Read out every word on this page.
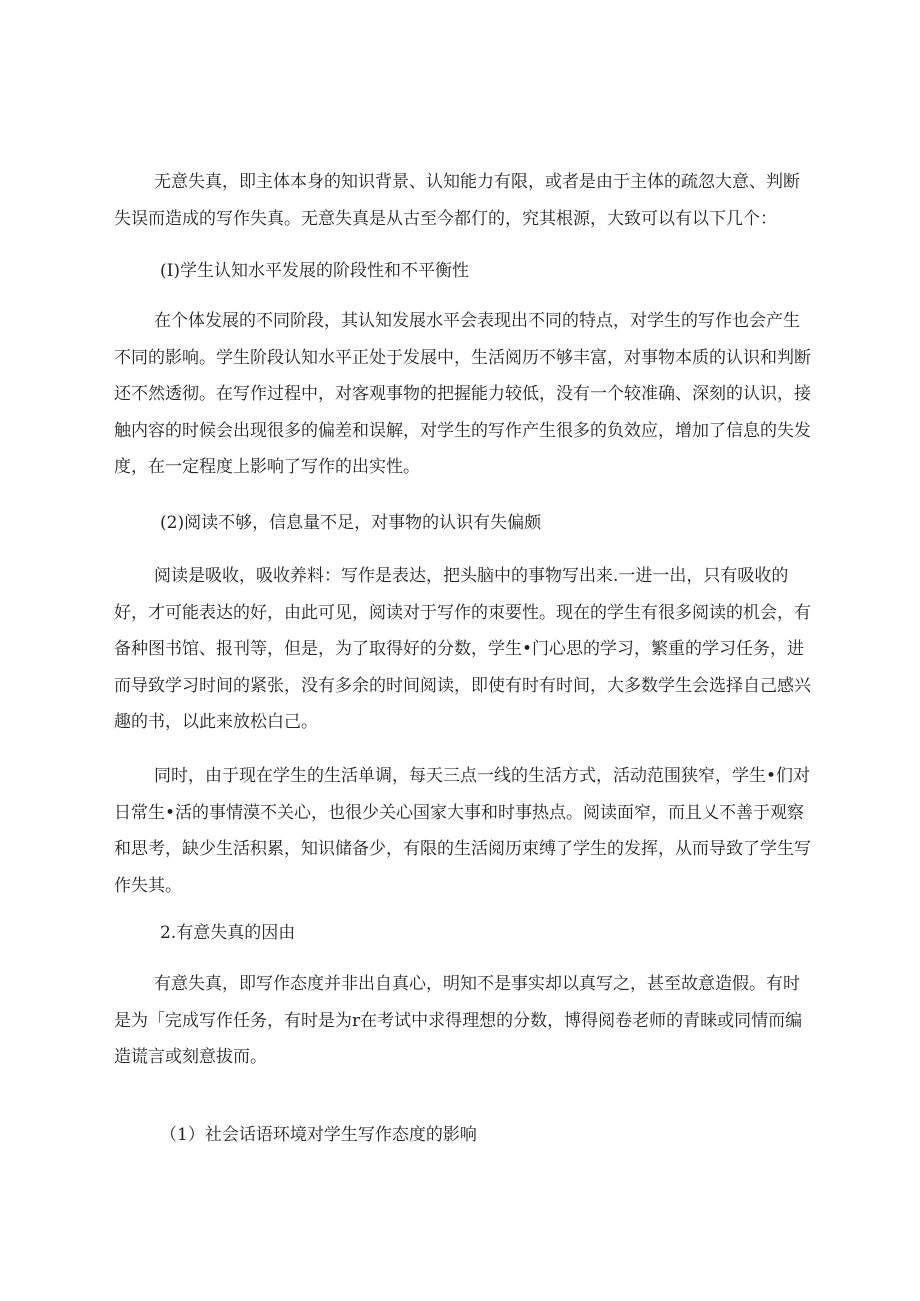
无意失真，即主体本身的知识背景、认知能力有限，或者是由于主体的疏忽大意、判断失误而造成的写作失真。无意失真是从古至今都仃的，究其根源，大致可以有以下几个：

(I)学生认知水平发展的阶段性和不平衡性

在个体发展的不同阶段，其认知发展水平会表现出不同的特点，对学生的写作也会产生不同的影响。学生阶段认知水平正处于发展中，生活阅历不够丰富，对事物本质的认识和判断还不然透彻。在写作过程中，对客观事物的把握能力较低，没有一个较准确、深刻的认识，接触内容的时候会出现很多的偏差和误解，对学生的写作产生很多的负效应，增加了信息的失发度，在一定程度上影响了写作的出实性。

(2)阅读不够，信息量不足，对事物的认识有失偏颇

阅读是吸收，吸收养料：写作是表达，把头脑中的事物写出来.一进一出，只有吸收的好，才可能表达的好，由此可见，阅读对于写作的朿要性。现在的学生有很多阅读的机会，有备种图书馆、报刊等，但是，为了取得好的分数，学生•门心思的学习，繁重的学习任务，进而导致学习时间的紧张，没有多余的时间阅读，即使有时有时间，大多数学生会选择自己感兴趣的书，以此来放松白己。

同时，由于现在学生的生活单调，每天三点一线的生活方式，活动范围狭窄，学生•们对日常生•活的事情漠不关心，也很少关心国家大事和时事热点。阅读面窄，而且乂不善于观察和思考，缺少生活积累，知识储备少，有限的生活阅历束缚了学生的发挥，从而导致了学生写作失其。

2.有意失真的因由

有意失真，即写作态度并非出自真心，明知不是事实却以真写之，甚至故意造假。有时是为「完成写作任务，有时是为r在考试中求得理想的分数，博得阅卷老师的青睐或同情而编造谎言或刻意拔而。

（1）社会话语环境对学生写作态度的影响
